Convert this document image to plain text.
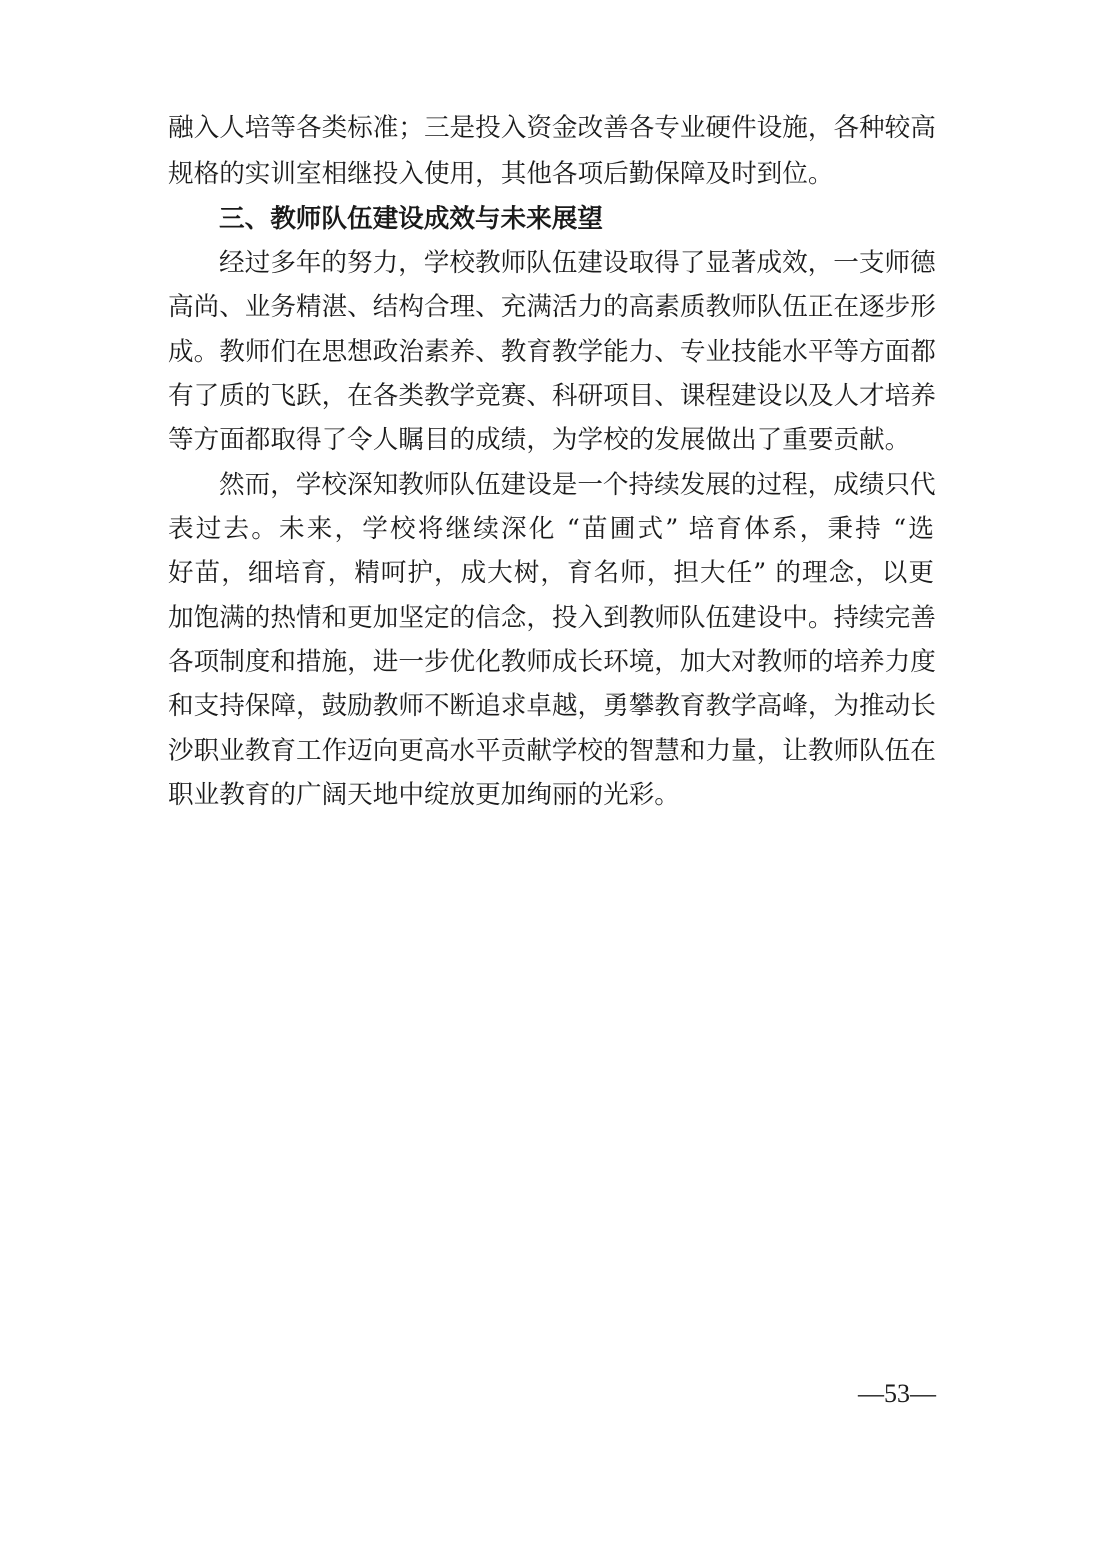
融入人培等各类标准；三是投入资金改善各专业硬件设施，各种较高
规格的实训室相继投入使用，其他各项后勤保障及时到位。
三、教师队伍建设成效与未来展望
经过多年的努力，学校教师队伍建设取得了显著成效，一支师德
高尚、业务精湛、结构合理、充满活力的高素质教师队伍正在逐步形
成。教师们在思想政治素养、教育教学能力、专业技能水平等方面都
有了质的飞跃，在各类教学竞赛、科研项目、课程建设以及人才培养
等方面都取得了令人瞩目的成绩，为学校的发展做出了重要贡献。
然而，学校深知教师队伍建设是一个持续发展的过程，成绩只代
表过去。未来，学校将继续深化 “苗圃式” 培育体系，秉持 “选
好苗，细培育，精呵护，成大树，育名师，担大任” 的理念，以更
加饱满的热情和更加坚定的信念，投入到教师队伍建设中。持续完善
各项制度和措施，进一步优化教师成长环境，加大对教师的培养力度
和支持保障，鼓励教师不断追求卓越，勇攀教育教学高峰，为推动长
沙职业教育工作迈向更高水平贡献学校的智慧和力量，让教师队伍在
职业教育的广阔天地中绽放更加绚丽的光彩。
—53—
